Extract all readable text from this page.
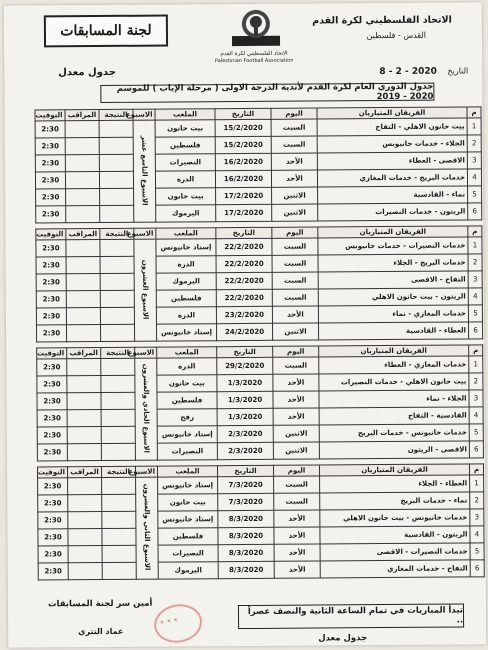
الاتحاد الفلسطيني لكرة القدم
القدس - فلسطين
الاتحاد الفلسطيني لكرة القدم
Palestinian Football Association
لجنة المسابقات
التاريخ 2020 - 2 - 8
جدول معدل
جدول الدوري العام لكرة القدم لأندية الدرجة الاولى ( مرحلة الإياب ) للموسم 2020 - 2019
م	الفريقان المتباريان	اليوم	التاريخ	الملعب	الاسبوع	النتيجة	المراقب	التوقيت
1	بيت حانون الاهلي - التفاح	السبت	15/2/2020	بيت حانون	الاسبوع التاسع عشر			2:30
2	الجلاء - خدمات خانيونس	السبت	15/2/2020	فلسطين				2:30
3	الاقصى - العطاء	الأحد	16/2/2020	النصيرات				2:30
4	خدمات البريج - خدمات المغازي	الأحد	16/2/2020	الدرة				2:30
5	نماء - القادسية	الاثنين	17/2/2020	بيت حانون				2:30
6	الريتون - خدمات النصيرات	الاثنين	17/2/2020	اليرموك				2:30
م	الفريقان المتباريان	اليوم	التاريخ	الملعب	الاسبوع	النتيجة	المراقب	التوقيت
1	خدمات النصيرات - خدمات خانيونس	السبت	22/2/2020	إستاد خانيونس	الاسبوع العشرون			2:30
2	خدمات البريج - الجلاء	السبت	22/2/2020	الدرة				2:30
3	التفاح - الاقصى	السبت	22/2/2020	اليرموك				2:30
4	الريتون - بيت حانون الاهلي	السبت	22/2/2020	فلسطين				2:30
5	خدمات المغازي - نماء	الأحد	23/2/2020	الدرة				2:30
6	العطاء - القادسية	الاثنين	24/2/2020	إستاد خانيونس				2:30
م	الفريقان المتباريان	اليوم	التاريخ	الملعب	الاسبوع	النتيجة	المراقب	التوقيت
1	خدمات المغازي - العطاء	السبت	29/2/2020	الدرة	الاسبوع الحادي والعشرون			2:30
2	بيت حانون الاهلي - خدمات النصيرات	الأحد	1/3/2020	بيت حانون				2:30
3	الجلاء - نماء	الأحد	1/3/2020	فلسطين				2:30
4	القادسية - التفاح	الأحد	1/3/2020	رفح				2:30
5	خدمات خانيونس - خدمات البريج	الاثنين	2/3/2020	إستاد خانيونس				2:30
6	الاقصى - الريتون	الاثنين	2/3/2020	النصيرات				2:30
م	الفريقان المتباريان	اليوم	التاريخ	الملعب	الاسبوع	النتيجة	المراقب	التوقيت
1	العطاء - الجلاء	السبت	7/3/2020	إستاد خانيونس	الاسبوع الثاني والعشرون			2:30
2	نماء - خدمات البريج	السبت	7/3/2020	بيت حانون				2:30
3	خدمات خانيونس - بيت حانون الاهلي	الأحد	8/3/2020	إستاد خانيونس				2:30
4	الريتون - القادسية	الأحد	8/3/2020	فلسطين				2:30
5	خدمات النصيرات - الاقصى	الأحد	8/3/2020	النصيرات				2:30
6	التفاح - خدمات المغازي	الأحد	8/3/2020	اليرموك				2:30
أمين سر لجنة المسابقات
✶ ✶ ✶
عماد التتري
تبدأ المباريات في تمام الساعة الثانية والنصف عصراً ..
جدول معدل
